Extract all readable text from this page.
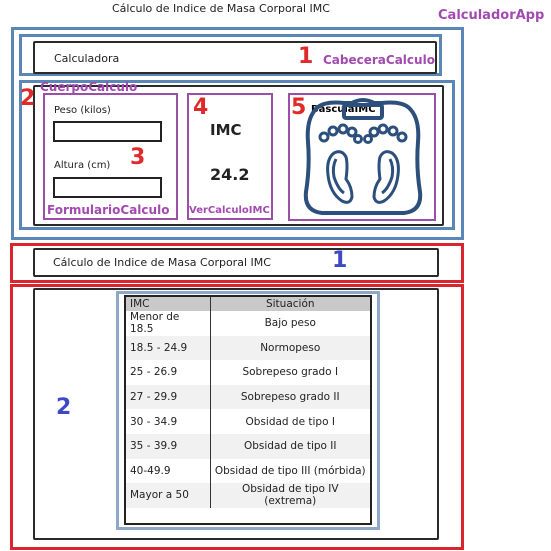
Cálculo de Indice de Masa Corporal IMC	CalculadorApp
Calculadora	1 CabeceraCalculo
2 CuerpoCalculo
Peso (kilos)
Altura (cm) 3
FormularioCalculo
4
IMC
24.2
VerCalculoIMC
5 BasculaIMC
Cálculo de Indice de Masa Corporal IMC	1
2
IMC	Situación
Menor de 18.5	Bajo peso
18.5 - 24.9	Normopeso
25 - 26.9	Sobrepeso grado I
27 - 29.9	Sobrepeso grado II
30 - 34.9	Obsidad de tipo I
35 - 39.9	Obsidad de tipo II
40-49.9	Obsidad de tipo III (mórbida)
Mayor a 50	Obsidad de tipo IV (extrema)
